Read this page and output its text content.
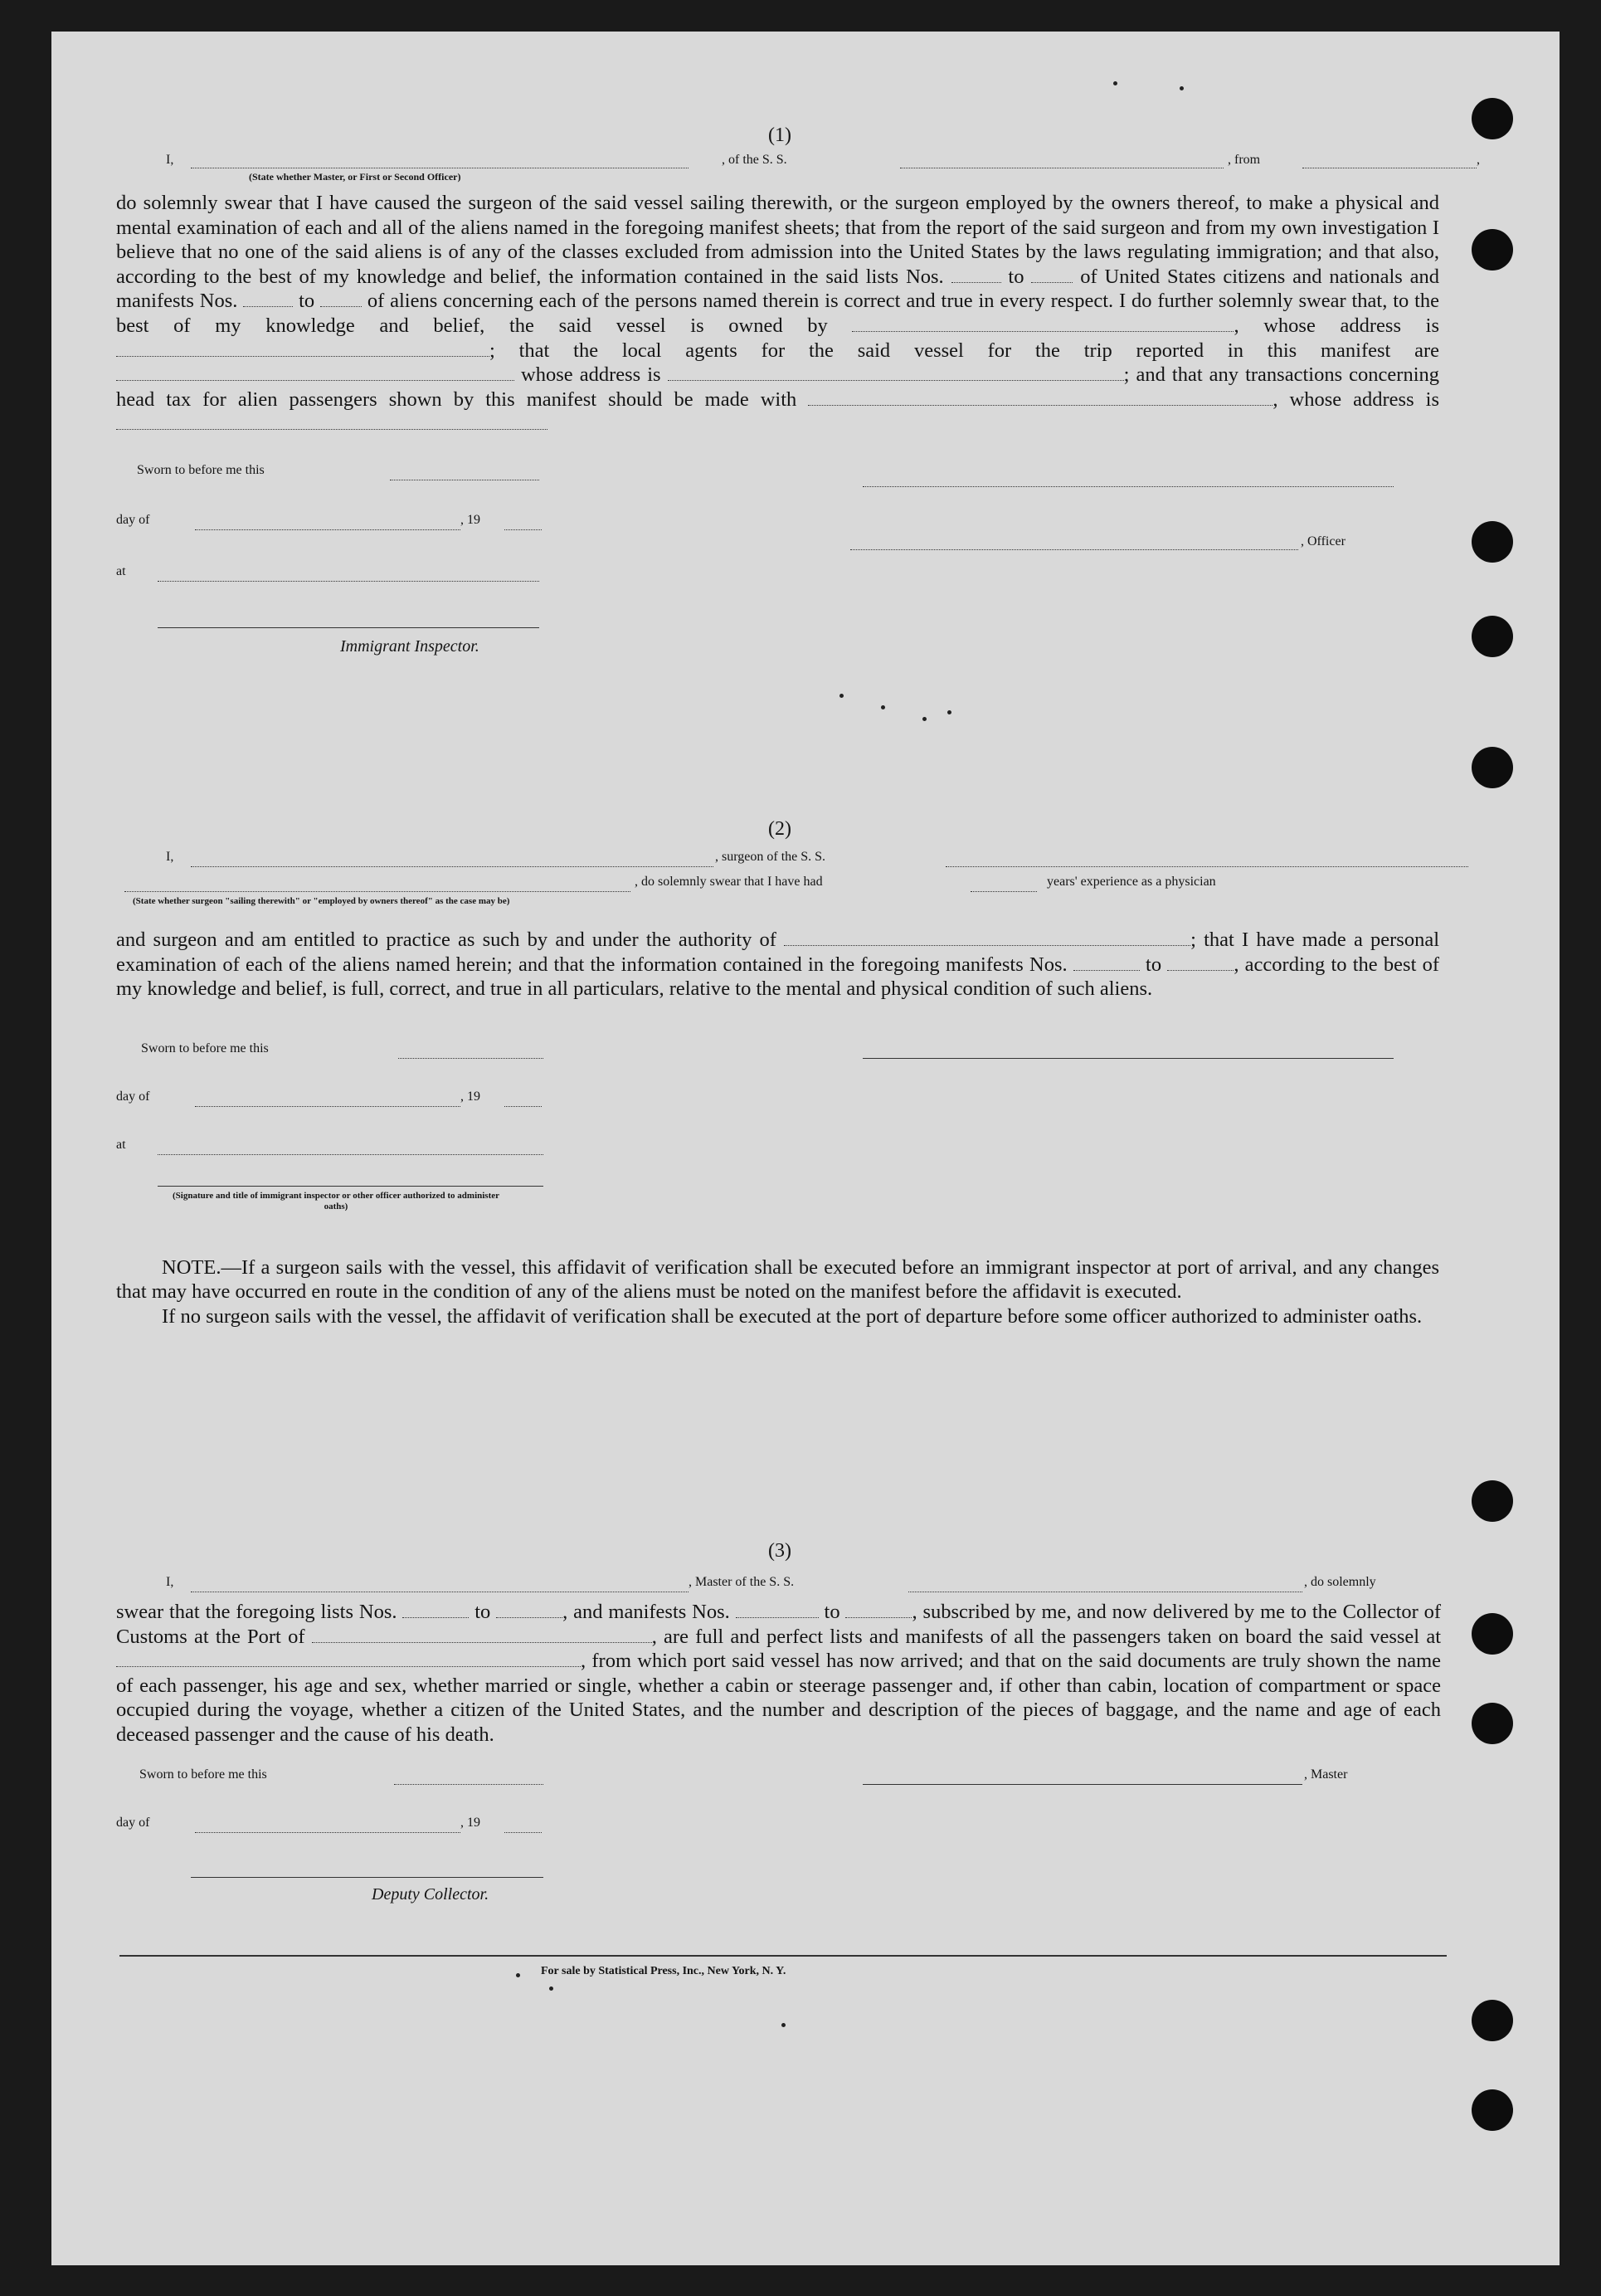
(1)
I,
(State whether Master, or First or Second Officer)
, of the S. S.	, from	,
do solemnly swear that I have caused the surgeon of the said vessel sailing therewith, or the surgeon employed by the owners thereof, to make a physical and mental examination of each and all of the aliens named in the foregoing manifest sheets; that from the report of the said surgeon and from my own investigation I believe that no one of the said aliens is of any of the classes excluded from admission into the United States by the laws regulating immigration; and that also, according to the best of my knowledge and belief, the information contained in the said lists Nos.	to	of United States citizens and nationals and manifests Nos.	to	of aliens concerning each of the persons named therein is correct and true in every respect. I do further solemnly swear that, to the best of my knowledge and belief, the said vessel is owned by	, whose address is ; that the local agents for the said vessel for the trip reported in this manifest are  whose address is	; and that any transactions concerning head tax for alien passengers shown by this manifest should be made with	, whose address is
Sworn to before me this
day of	, 19
, Officer
at
Immigrant Inspector.
(2)
I,	, surgeon of the S. S.
, do solemnly swear that I have had	years' experience as a physician
(State whether surgeon "sailing therewith" or "employed by owners thereof" as the case may be)
and surgeon and am entitled to practice as such by and under the authority of	; that I have made a personal examination of each of the aliens named herein; and that the information contained in the foregoing manifests Nos.	to	, according to the best of my knowledge and belief, is full, correct, and true in all particulars, relative to the mental and physical condition of such aliens.
Sworn to before me this
day of	, 19
at
(Signature and title of immigrant inspector or other officer authorized to administer oaths)

NOTE.—If a surgeon sails with the vessel, this affidavit of verification shall be executed before an immigrant inspector at port of arrival, and any changes that may have occurred en route in the condition of any of the aliens must be noted on the manifest before the affidavit is executed.

If no surgeon sails with the vessel, the affidavit of verification shall be executed at the port of departure before some officer authorized to administer oaths.

(3)
I,	, Master of the S. S.	, do solemnly
swear that the foregoing lists Nos.	to	, and manifests Nos.	to	, subscribed by me, and now delivered by me to the Collector of Customs at the Port of	, are full and perfect lists and manifests of all the passengers taken on board the said vessel at , from which port said vessel has now arrived; and that on the said documents are truly shown the name of each passenger, his age and sex, whether married or single, whether a cabin or steerage passenger and, if other than cabin, location of compartment or space occupied during the voyage, whether a citizen of the United States, and the number and description of the pieces of baggage, and the name and age of each deceased passenger and the cause of his death.
Sworn to before me this	, Master
day of	, 19
Deputy Collector.
For sale by Statistical Press, Inc., New York, N. Y.
